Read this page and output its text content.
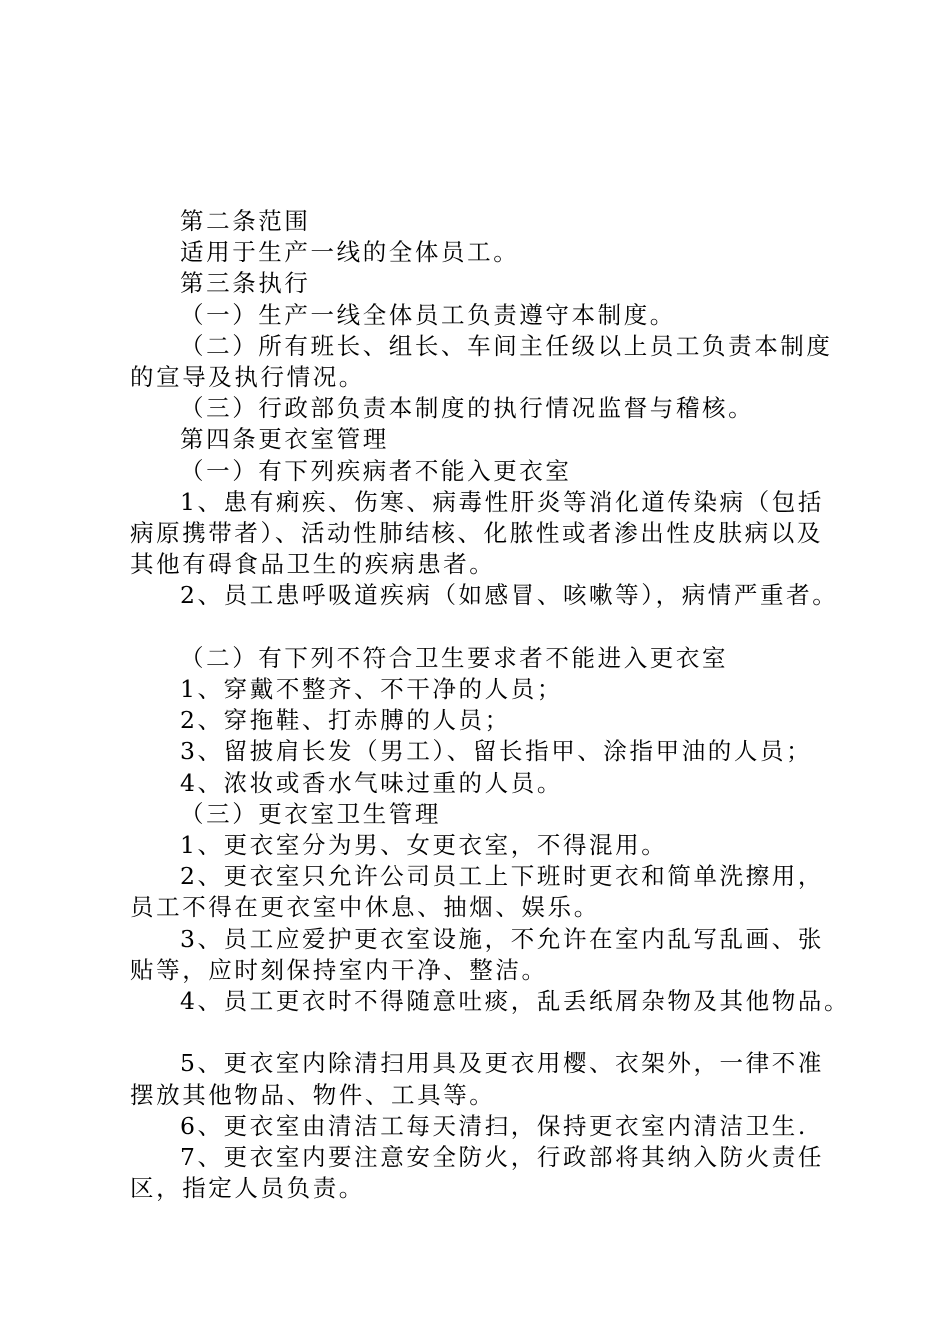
第二条范围

适用于生产一线的全体员工。

第三条执行

（一）生产一线全体员工负责遵守本制度。

（二）所有班长、组长、车间主任级以上员工负责本制度的宣导及执行情况。

（三）行政部负责本制度的执行情况监督与稽核。

第四条更衣室管理

（一）有下列疾病者不能入更衣室

1、患有痢疾、伤寒、病毒性肝炎等消化道传染病（包括病原携带者）、活动性肺结核、化脓性或者渗出性皮肤病以及其他有碍食品卫生的疾病患者。

2、员工患呼吸道疾病（如感冒、咳嗽等），病情严重者。

（二）有下列不符合卫生要求者不能进入更衣室

1、穿戴不整齐、不干净的人员；

2、穿拖鞋、打赤膊的人员；

3、留披肩长发（男工）、留长指甲、涂指甲油的人员；

4、浓妆或香水气味过重的人员。

（三）更衣室卫生管理

1、更衣室分为男、女更衣室，不得混用。

2、更衣室只允许公司员工上下班时更衣和简单洗擦用，员工不得在更衣室中休息、抽烟、娱乐。

3、员工应爱护更衣室设施，不允许在室内乱写乱画、张贴等，应时刻保持室内干净、整洁。

4、员工更衣时不得随意吐痰，乱丢纸屑杂物及其他物品。

5、更衣室内除清扫用具及更衣用樱、衣架外，一律不准摆放其他物品、物件、工具等。

6、更衣室由清洁工每天清扫，保持更衣室内清洁卫生.

7、更衣室内要注意安全防火，行政部将其纳入防火责任区，指定人员负责。
